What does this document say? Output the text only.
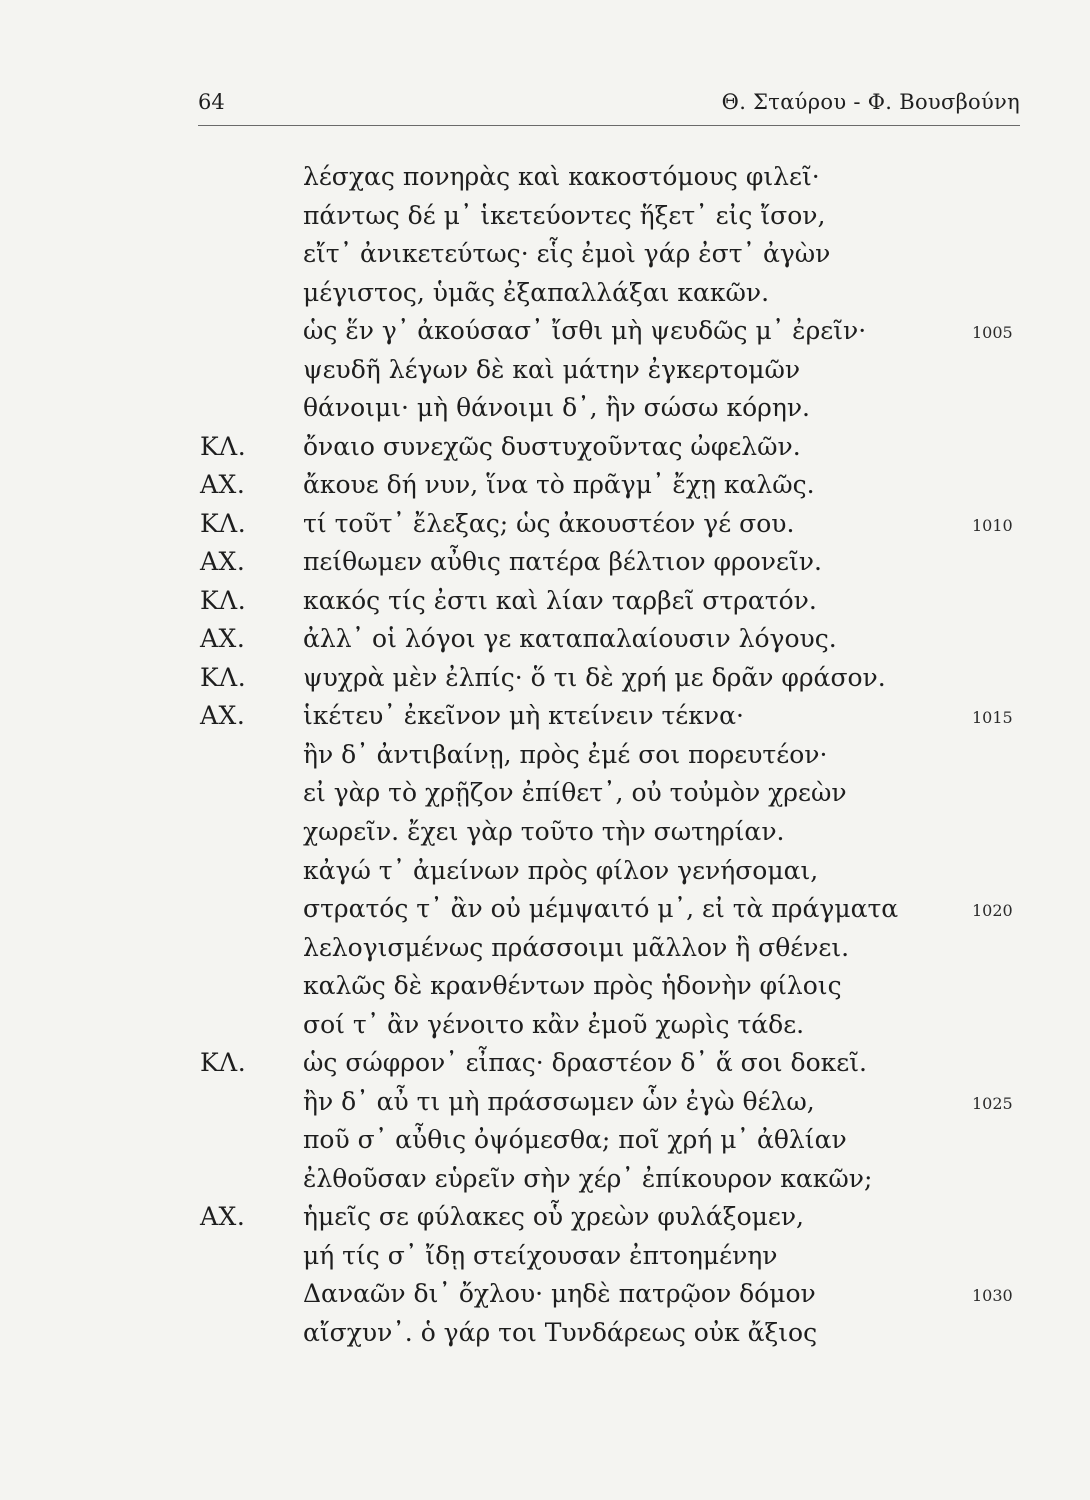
64	Θ. Σταύρου - Φ. Βουσβούνη
λέσχας πονηρὰς καὶ κακοστόμους φιλεῖ·
πάντως δέ μ᾽ ἱκετεύοντες ἥξετ᾽ εἰς ἴσον,
εἴτ᾽ ἀνικετεύτως· εἷς ἐμοὶ γάρ ἐστ᾽ ἀγὼν
μέγιστος, ὑμᾶς ἐξαπαλλάξαι κακῶν.
ὡς ἕν γ᾽ ἀκούσασ᾽ ἴσθι μὴ ψευδῶς μ᾽ ἐρεῖν·	1005
ψευδῆ λέγων δὲ καὶ μάτην ἐγκερτομῶν
θάνοιμι· μὴ θάνοιμι δ᾽, ἢν σώσω κόρην.
ΚΛ. ὄναιο συνεχῶς δυστυχοῦντας ὠφελῶν.
ΑΧ. ἄκουε δή νυν, ἵνα τὸ πρᾶγμ᾽ ἔχῃ καλῶς.
ΚΛ. τί τοῦτ᾽ ἔλεξας; ὡς ἀκουστέον γέ σου.	1010
ΑΧ. πείθωμεν αὖθις πατέρα βέλτιον φρονεῖν.
ΚΛ. κακός τίς ἐστι καὶ λίαν ταρβεῖ στρατόν.
ΑΧ. ἀλλ᾽ οἱ λόγοι γε καταπαλαίουσιν λόγους.
ΚΛ. ψυχρὰ μὲν ἐλπίς· ὅ τι δὲ χρή με δρᾶν φράσον.
ΑΧ. ἱκέτευ᾽ ἐκεῖνον μὴ κτείνειν τέκνα·	1015
ἢν δ᾽ ἀντιβαίνῃ, πρὸς ἐμέ σοι πορευτέον·
εἰ γὰρ τὸ χρῇζον ἐπίθετ᾽, οὐ τοὐμὸν χρεὼν
χωρεῖν. ἔχει γὰρ τοῦτο τὴν σωτηρίαν.
κἀγώ τ᾽ ἀμείνων πρὸς φίλον γενήσομαι,
στρατός τ᾽ ἂν οὐ μέμψαιτό μ᾽, εἰ τὰ πράγματα	1020
λελογισμένως πράσσοιμι μᾶλλον ἢ σθένει.
καλῶς δὲ κρανθέντων πρὸς ἡδονὴν φίλοις
σοί τ᾽ ἂν γένοιτο κἂν ἐμοῦ χωρὶς τάδε.
ΚΛ. ὡς σώφρον᾽ εἶπας· δραστέον δ᾽ ἅ σοι δοκεῖ.
ἢν δ᾽ αὖ τι μὴ πράσσωμεν ὧν ἐγὼ θέλω,	1025
ποῦ σ᾽ αὖθις ὀψόμεσθα; ποῖ χρή μ᾽ ἀθλίαν
ἐλθοῦσαν εὑρεῖν σὴν χέρ᾽ ἐπίκουρον κακῶν;
ΑΧ. ἡμεῖς σε φύλακες οὗ χρεὼν φυλάξομεν,
μή τίς σ᾽ ἴδῃ στείχουσαν ἐπτοημένην
Δαναῶν δι᾽ ὄχλου· μηδὲ πατρῷον δόμον	1030
αἴσχυν᾽. ὁ γάρ τοι Τυνδάρεως οὐκ ἄξιος
